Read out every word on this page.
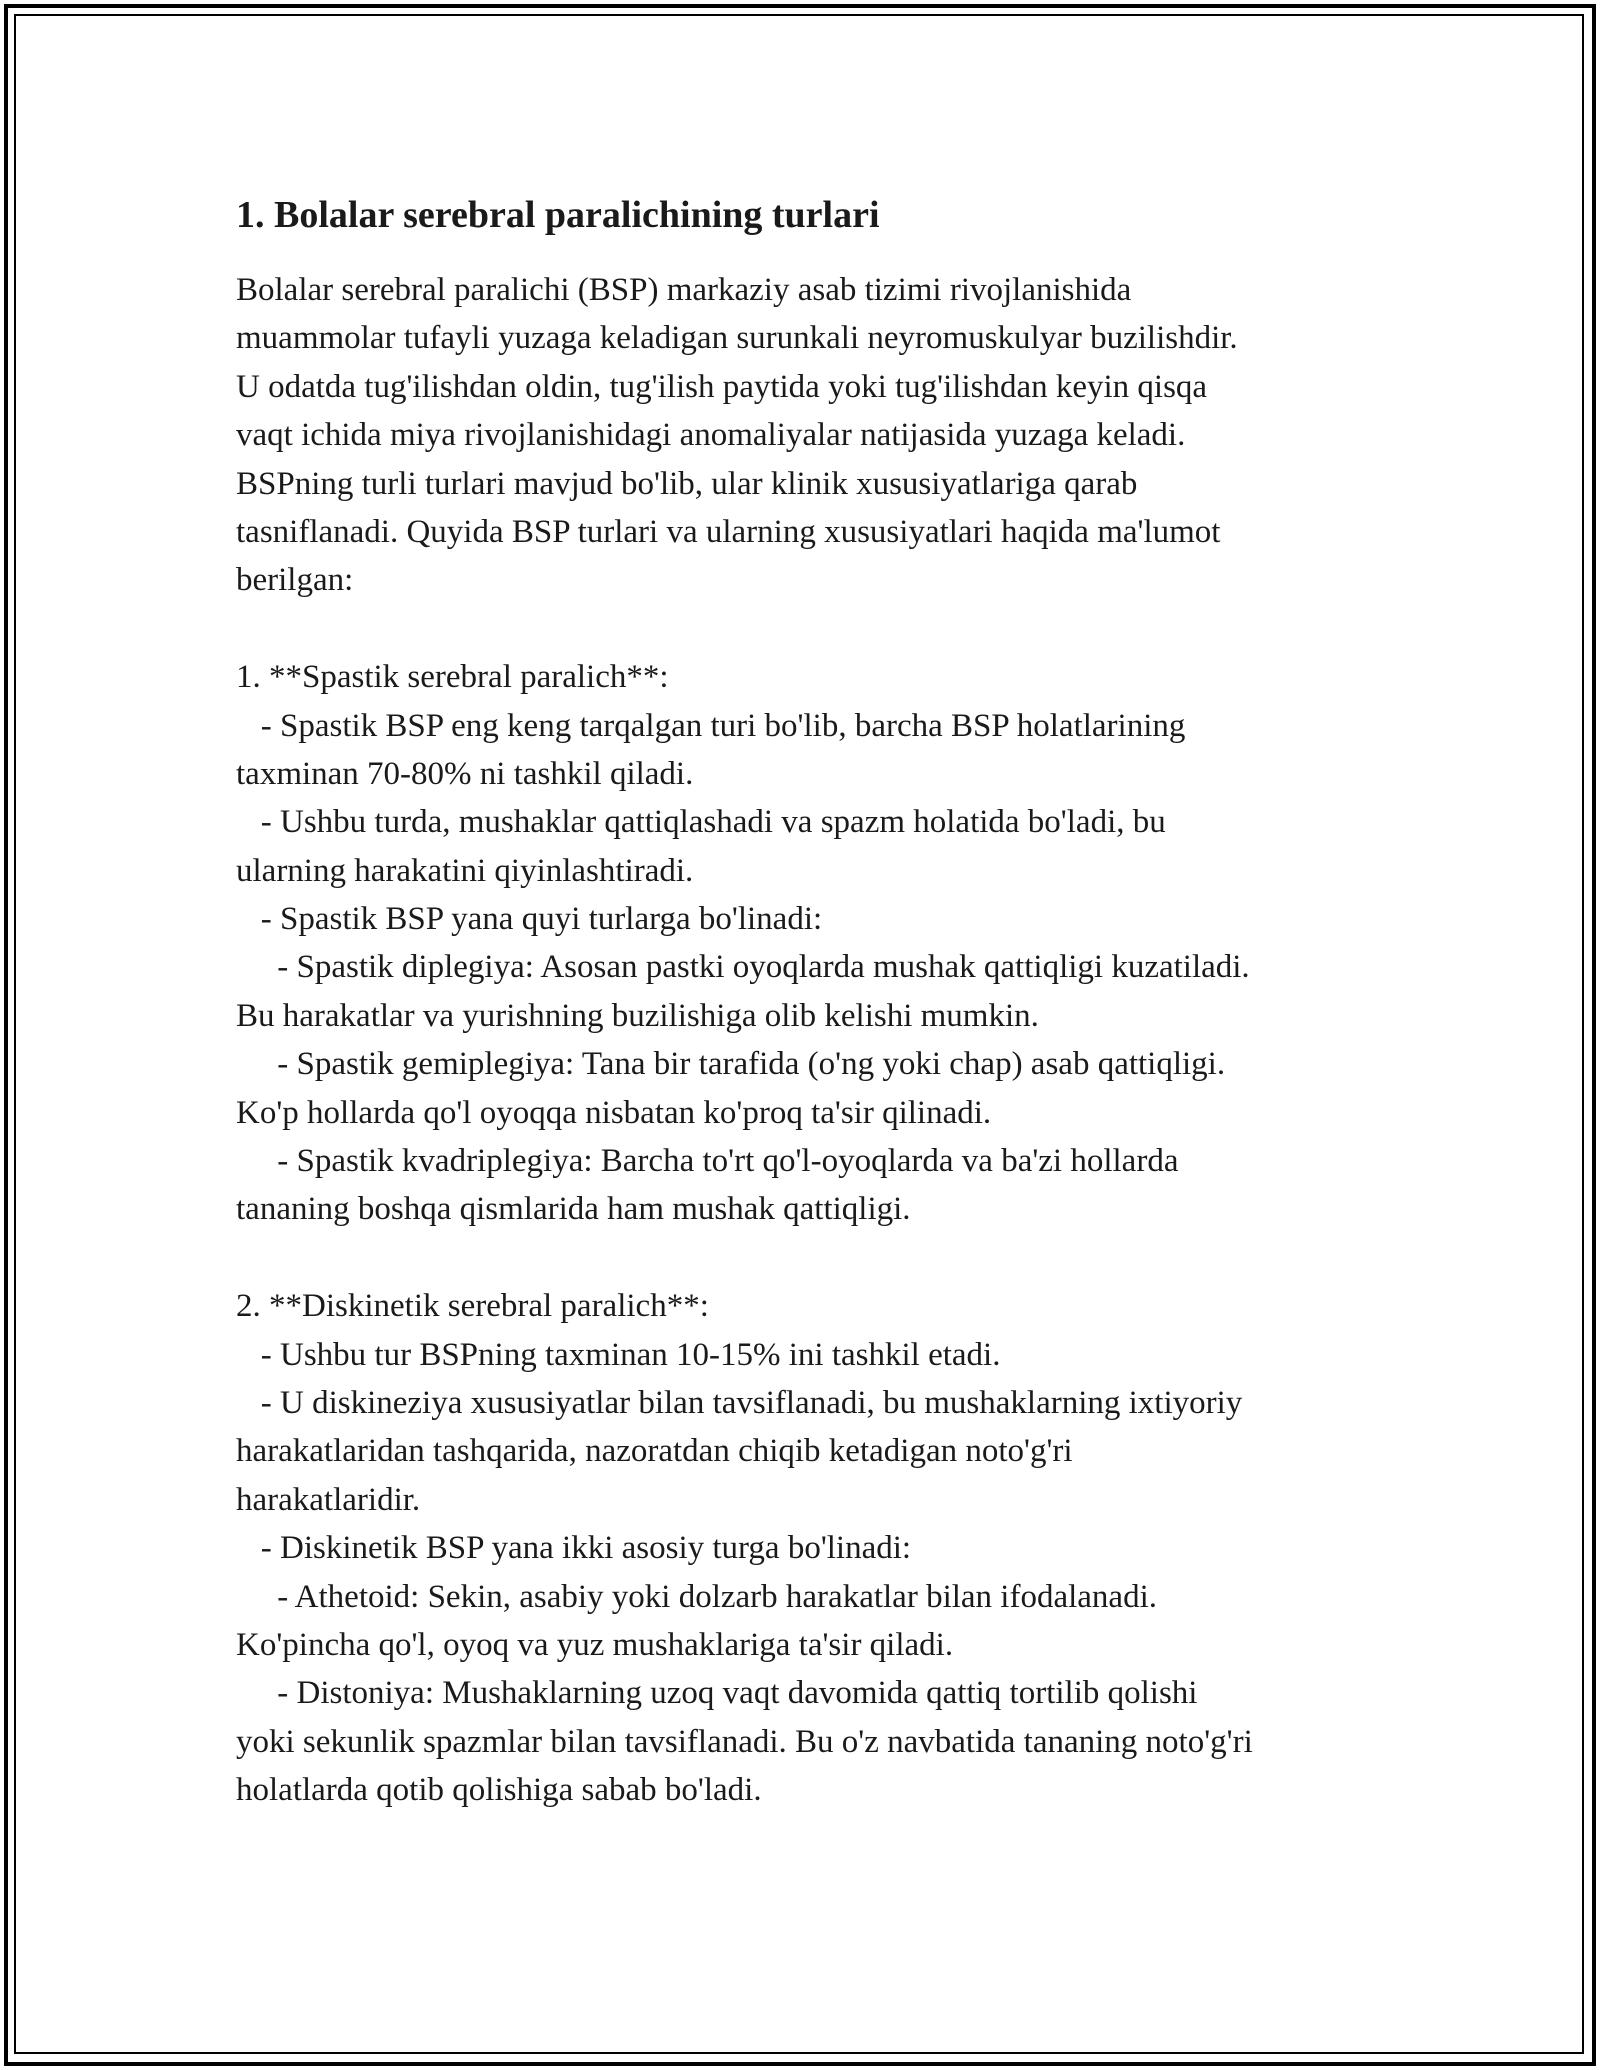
1. Bolalar serebral paralichining turlari

Bolalar serebral paralichi (BSP) markaziy asab tizimi rivojlanishida

muammolar tufayli yuzaga keladigan surunkali neyromuskulyar buzilishdir.

U odatda tug'ilishdan oldin, tug'ilish paytida yoki tug'ilishdan keyin qisqa

vaqt ichida miya rivojlanishidagi anomaliyalar natijasida yuzaga keladi.

BSPning turli turlari mavjud bo'lib, ular klinik xususiyatlariga qarab

tasniflanadi. Quyida BSP turlari va ularning xususiyatlari haqida ma'lumot

berilgan:

1. **Spastik serebral paralich**:

- Spastik BSP eng keng tarqalgan turi bo'lib, barcha BSP holatlarining

taxminan 70-80% ni tashkil qiladi.

- Ushbu turda, mushaklar qattiqlashadi va spazm holatida bo'ladi, bu

ularning harakatini qiyinlashtiradi.

- Spastik BSP yana quyi turlarga bo'linadi:

- Spastik diplegiya: Asosan pastki oyoqlarda mushak qattiqligi kuzatiladi.

Bu harakatlar va yurishning buzilishiga olib kelishi mumkin.

- Spastik gemiplegiya: Tana bir tarafida (o'ng yoki chap) asab qattiqligi.

Ko'p hollarda qo'l oyoqqa nisbatan ko'proq ta'sir qilinadi.

- Spastik kvadriplegiya: Barcha to'rt qo'l-oyoqlarda va ba'zi hollarda

tananing boshqa qismlarida ham mushak qattiqligi.

2. **Diskinetik serebral paralich**:

- Ushbu tur BSPning taxminan 10-15% ini tashkil etadi.

- U diskineziya xususiyatlar bilan tavsiflanadi, bu mushaklarning ixtiyoriy

harakatlaridan tashqarida, nazoratdan chiqib ketadigan noto'g'ri

harakatlaridir.

- Diskinetik BSP yana ikki asosiy turga bo'linadi:

- Athetoid: Sekin, asabiy yoki dolzarb harakatlar bilan ifodalanadi.

Ko'pincha qo'l, oyoq va yuz mushaklariga ta'sir qiladi.

- Distoniya: Mushaklarning uzoq vaqt davomida qattiq tortilib qolishi

yoki sekunlik spazmlar bilan tavsiflanadi. Bu o'z navbatida tananing noto'g'ri

holatlarda qotib qolishiga sabab bo'ladi.
